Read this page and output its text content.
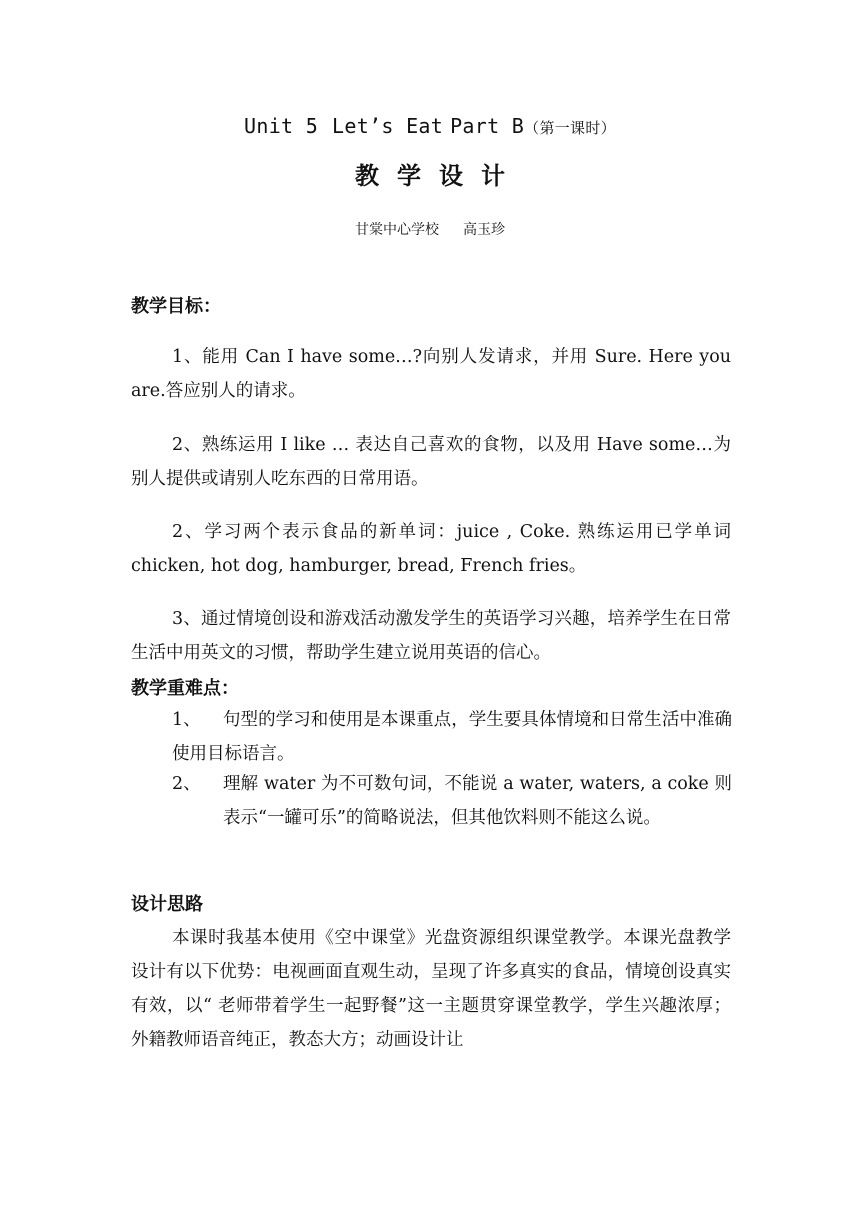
Unit 5 Let’s Eat Part B（第一课时）
教学设计
甘棠中心学校 高玉珍
教学目标：
1、能用 Can I have some…?向别人发请求，并用 Sure. Here you are.答应别人的请求。
2、熟练运用 I like … 表达自己喜欢的食物，以及用 Have some…为别人提供或请别人吃东西的日常用语。
2、学习两个表示食品的新单词：juice , Coke. 熟练运用已学单词 chicken, hot dog, hamburger, bread, French fries。
3、通过情境创设和游戏活动激发学生的英语学习兴趣，培养学生在日常生活中用英文的习惯，帮助学生建立说用英语的信心。
教学重难点：
1、	句型的学习和使用是本课重点，学生要具体情境和日常生活中准确使用目标语言。
2、 理解 water 为不可数句词，不能说 a water, waters, a coke 则表示“一罐可乐”的简略说法，但其他饮料则不能这么说。
设计思路
本课时我基本使用《空中课堂》光盘资源组织课堂教学。本课光盘教学设计有以下优势：电视画面直观生动，呈现了许多真实的食品，情境创设真实有效，以“ 老师带着学生一起野餐”这一主题贯穿课堂教学，学生兴趣浓厚；外籍教师语音纯正，教态大方；动画设计让
